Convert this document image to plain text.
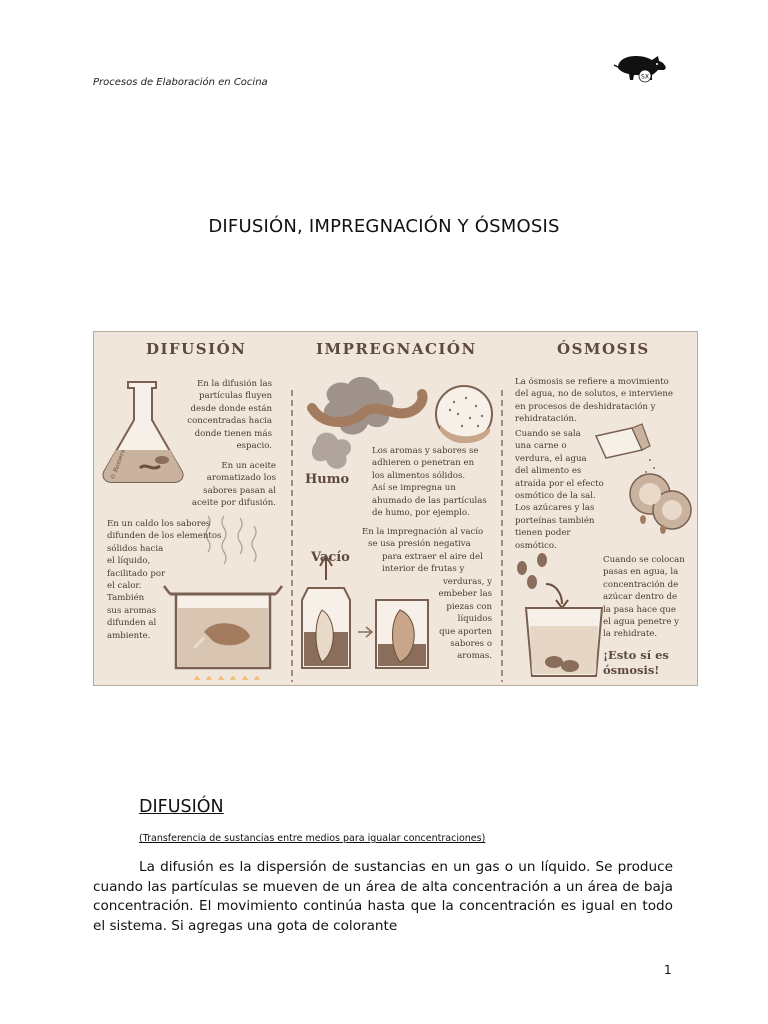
Procesos de Elaboración en Cocina	SX
DIFUSIÓN, IMPREGNACIÓN Y ÓSMOSIS
© Romera
DIFUSIÓN	IMPREGNACIÓN	ÓSMOSIS
En la difusión las
partículas fluyen
desde donde están
concentradas hacia
donde tienen más
espacio.
En un aceite
aromatizado los
sabores pasan al
aceite por difusión.
En un caldo los sabores
difunden de los elementos
sólidos hacia
el líquido,
facilitado por
el calor.
También
sus aromas
difunden al
ambiente.
Humo
Vacío
Los aromas y sabores se
adhieren o penetran en
los alimentos sólidos.
Así se impregna un
ahumado de las partículas
de humo, por ejemplo.
En la impregnación al vacío
se usa presión negativa
para extraer el aire del
interior de frutas y
verduras, y
embeber las
piezas con
líquidos
que aporten
sabores o
aromas.
La ósmosis se refiere a movimiento
del agua, no de solutos, e interviene
en procesos de deshidratación y
rehidratación.
Cuando se sala
una carne o
verdura, el agua
del alimento es
atraída por el efecto
osmótico de la sal.
Los azúcares y las
porteínas también
tienen poder
osmótico.
Cuando se colocan
pasas en agua, la
concentración de
azúcar dentro de
la pasa hace que
el agua penetre y
la rehidrate.
¡Esto sí es
ósmosis!
DIFUSIÓN
(Transferencia de sustancias entre medios para igualar concentraciones)
La difusión es la dispersión de sustancias en un gas o un líquido. Se produce cuando las partículas se mueven de un área de alta concentración a un área de baja concentración. El movimiento continúa hasta que la concentración es igual en todo el sistema. Si agregas una gota de colorante
1
